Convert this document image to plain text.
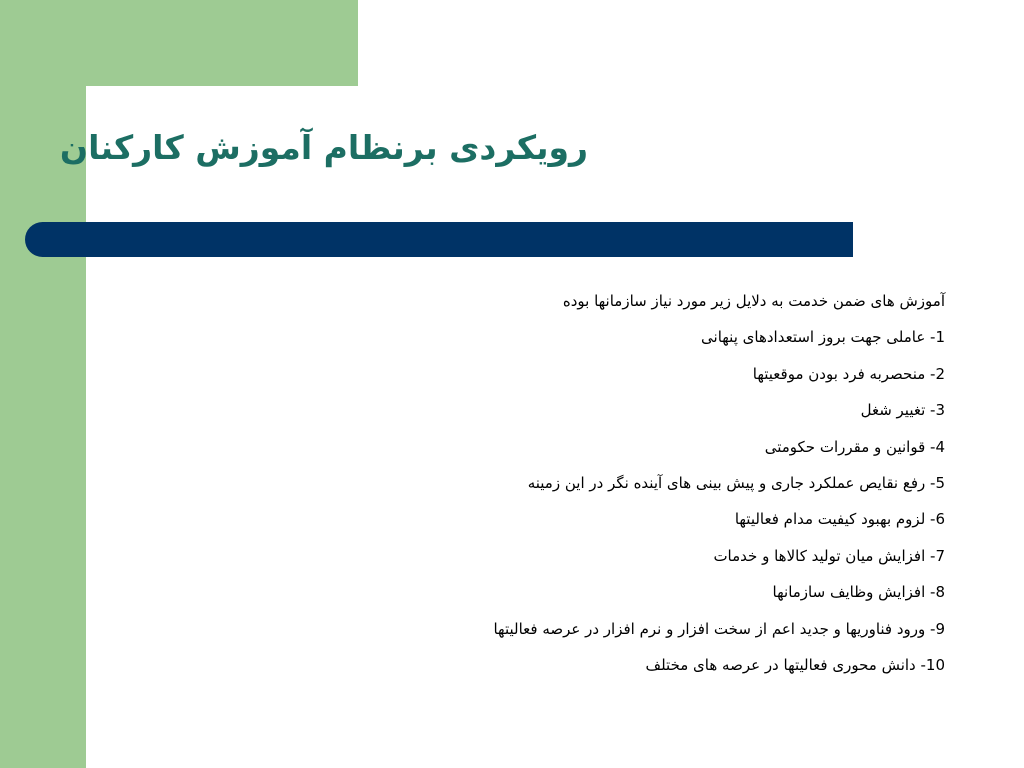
رویکردی برنظام آموزش کارکنان
آموزش های ضمن خدمت به دلایل زیر مورد نیاز سازمانها بوده
1- عاملی جهت بروز استعدادهای پنهانی
2- منحصربه فرد بودن موقعیتها
3- تغییر شغل
4- قوانین و مقررات حکومتی
5- رفع نقایص عملکرد جاری و پیش بینی های آینده نگر در این زمینه
6- لزوم بهبود کیفیت مدام فعالیتها
7- افزایش میان تولید کالاها و خدمات
8- افزایش وظایف سازمانها
9- ورود فناوریها و جدید اعم از سخت افزار و نرم افزار در عرصه فعالیتها
10- دانش محوری فعالیتها در عرصه های مختلف
